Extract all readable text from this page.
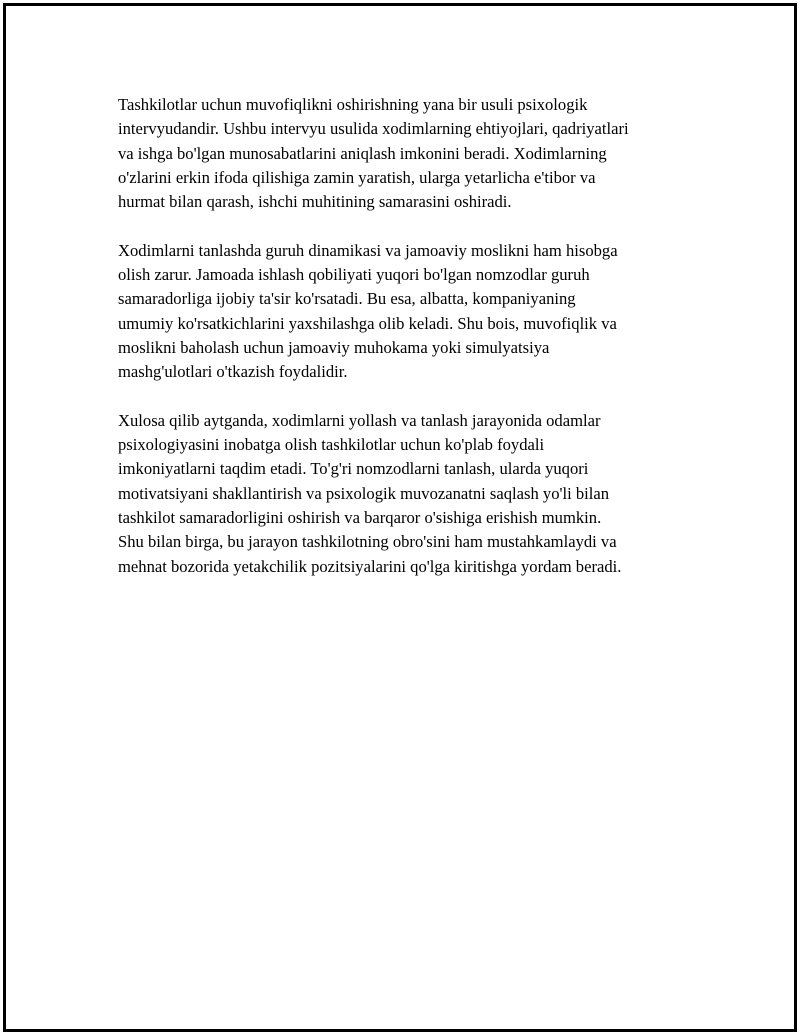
Tashkilotlar uchun muvofiqlikni oshirishning yana bir usuli psixologik
intervyudandir. Ushbu intervyu usulida xodimlarning ehtiyojlari, qadriyatlari
va ishga bo'lgan munosabatlarini aniqlash imkonini beradi. Xodimlarning
o'zlarini erkin ifoda qilishiga zamin yaratish, ularga yetarlicha e'tibor va
hurmat bilan qarash, ishchi muhitining samarasini oshiradi.

Xodimlarni tanlashda guruh dinamikasi va jamoaviy moslikni ham hisobga
olish zarur. Jamoada ishlash qobiliyati yuqori bo'lgan nomzodlar guruh
samaradorliga ijobiy ta'sir ko'rsatadi. Bu esa, albatta, kompaniyaning
umumiy ko'rsatkichlarini yaxshilashga olib keladi. Shu bois, muvofiqlik va
moslikni baholash uchun jamoaviy muhokama yoki simulyatsiya
mashg'ulotlari o'tkazish foydalidir.

Xulosa qilib aytganda, xodimlarni yollash va tanlash jarayonida odamlar
psixologiyasini inobatga olish tashkilotlar uchun ko'plab foydali
imkoniyatlarni taqdim etadi. To'g'ri nomzodlarni tanlash, ularda yuqori
motivatsiyani shakllantirish va psixologik muvozanatni saqlash yo'li bilan
tashkilot samaradorligini oshirish va barqaror o'sishiga erishish mumkin.
Shu bilan birga, bu jarayon tashkilotning obro'sini ham mustahkamlaydi va
mehnat bozorida yetakchilik pozitsiyalarini qo'lga kiritishga yordam beradi.
